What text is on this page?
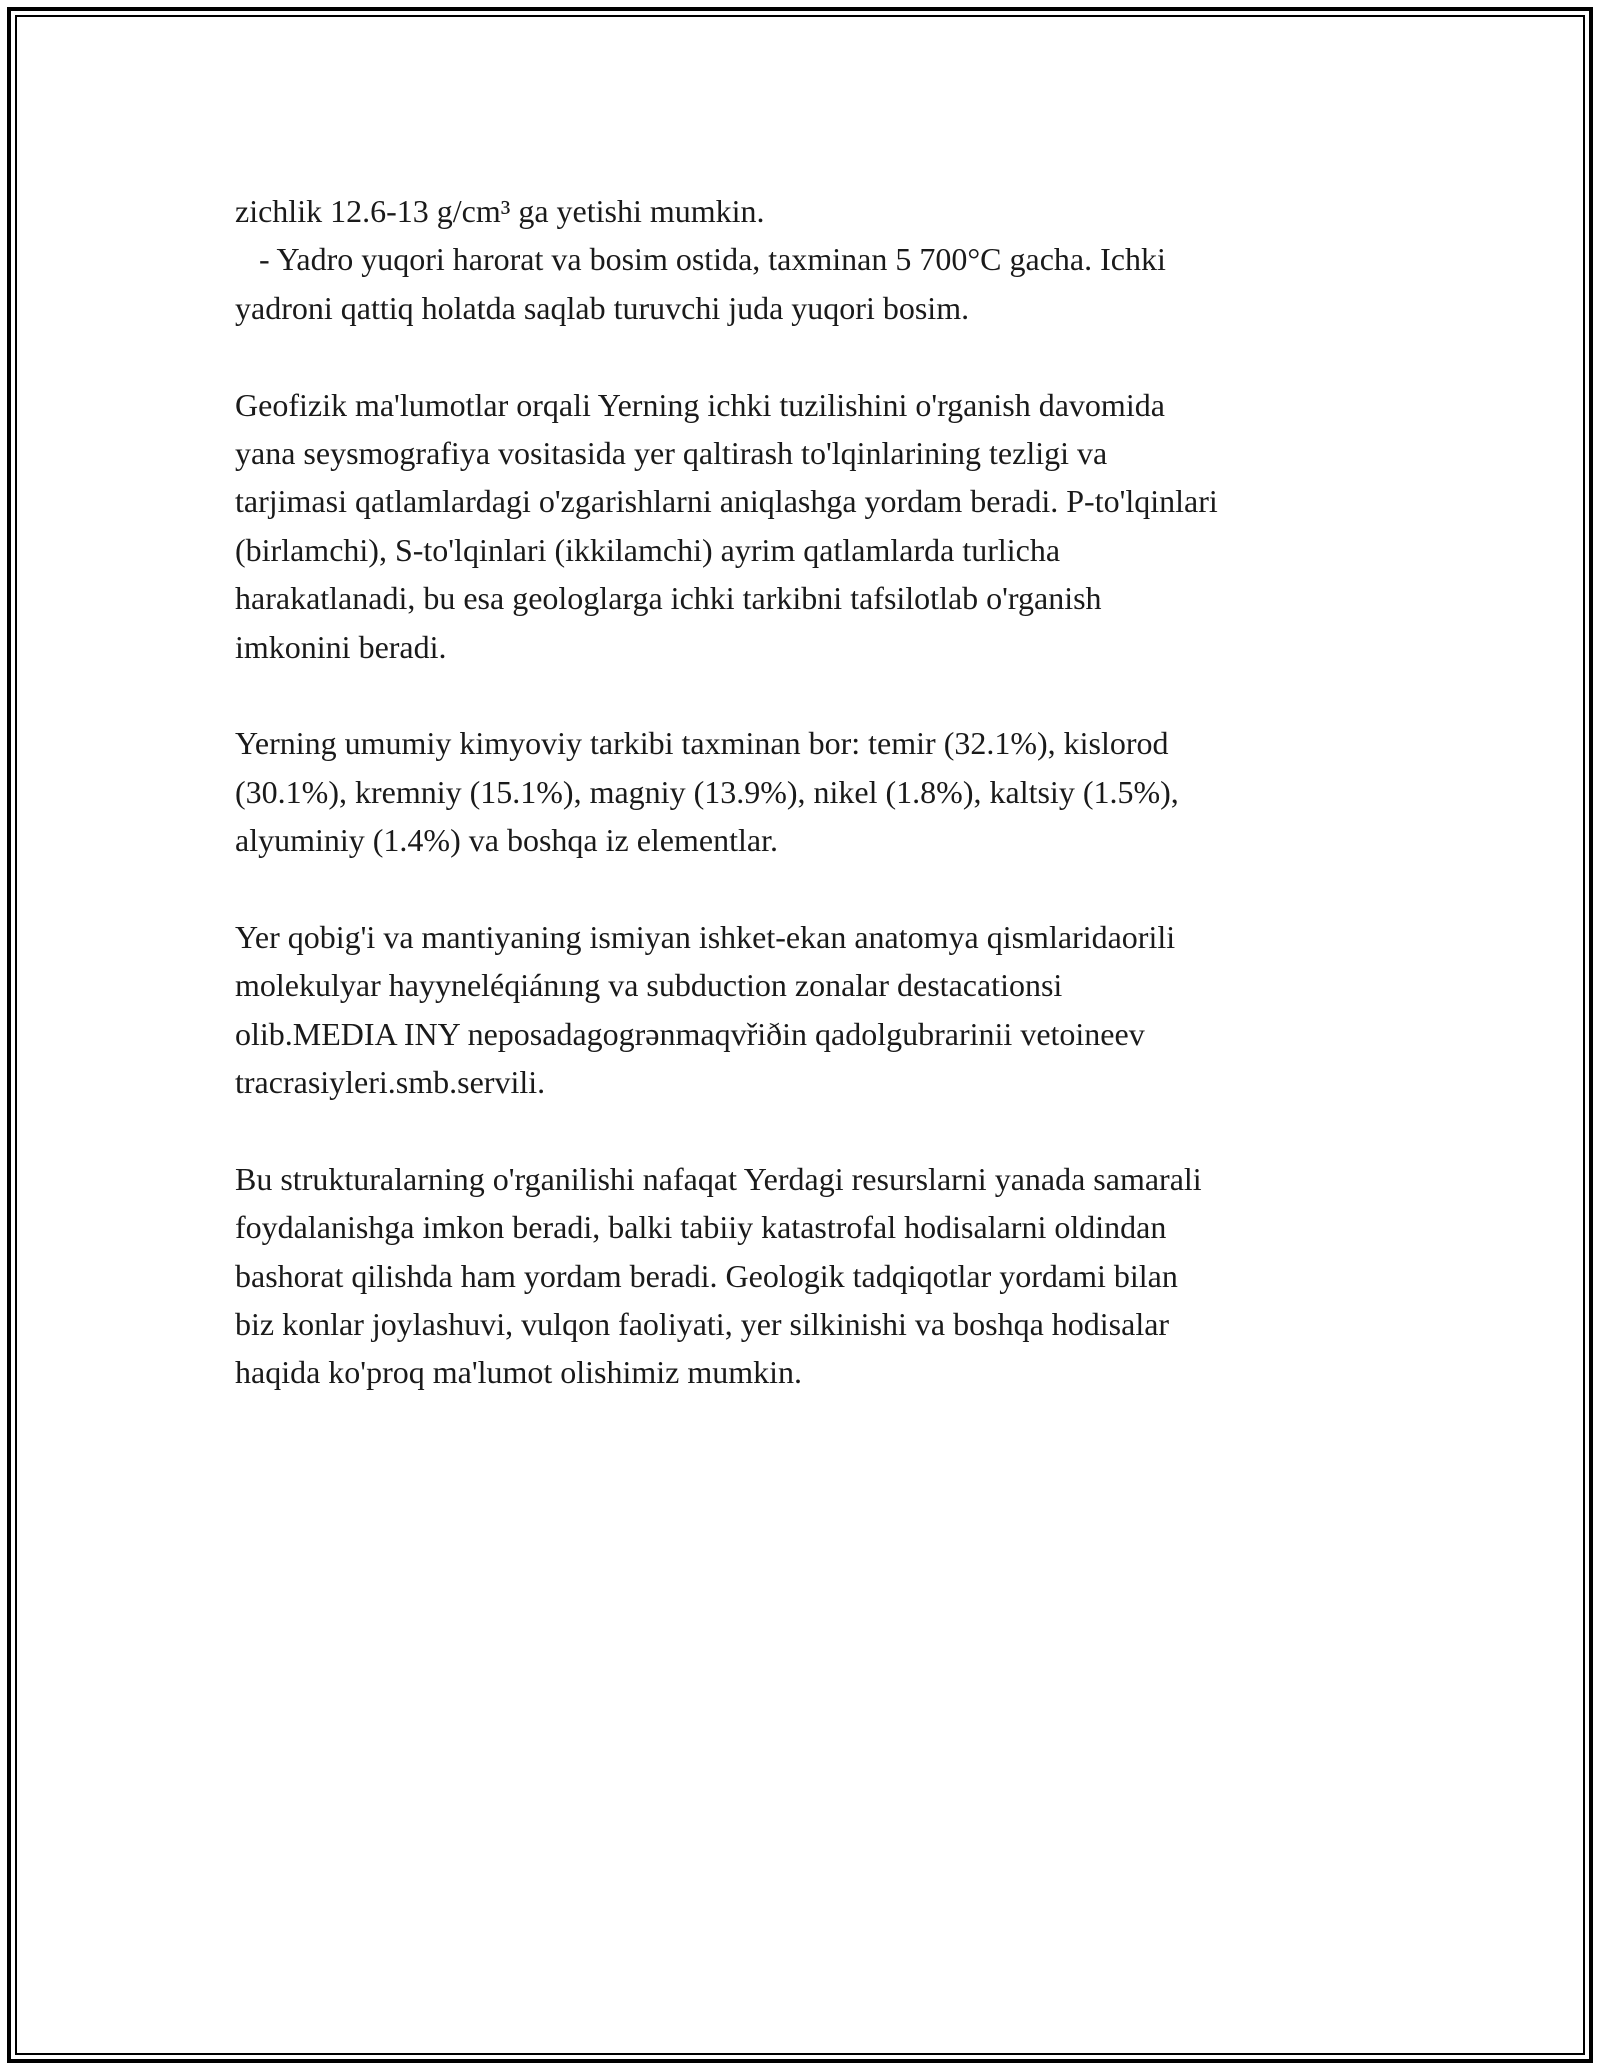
zichlik 12.6-13 g/cm³ ga yetishi mumkin.
- Yadro yuqori harorat va bosim ostida, taxminan 5 700°C gacha. Ichki
yadroni qattiq holatda saqlab turuvchi juda yuqori bosim.
Geofizik ma'lumotlar orqali Yerning ichki tuzilishini o'rganish davomida
yana seysmografiya vositasida yer qaltirash to'lqinlarining tezligi va
tarjimasi qatlamlardagi o'zgarishlarni aniqlashga yordam beradi. P-to'lqinlari
(birlamchi), S-to'lqinlari (ikkilamchi) ayrim qatlamlarda turlicha
harakatlanadi, bu esa geologlarga ichki tarkibni tafsilotlab o'rganish
imkonini beradi.
Yerning umumiy kimyoviy tarkibi taxminan bor: temir (32.1%), kislorod
(30.1%), kremniy (15.1%), magniy (13.9%), nikel (1.8%), kaltsiy (1.5%),
alyuminiy (1.4%) va boshqa iz elementlar.
Yer qobig'i va mantiyaning ismiyan ishket-ekan anatomya qismlaridaorili
molekulyar hayyneléqiánıng va subduction zonalar destacationsi
olib.MEDIA INY neposadagogrənmaqvřiðin qadolgubrarinii vetoineev
tracrasiyleri.smb.servili.
Bu strukturalarning o'rganilishi nafaqat Yerdagi resurslarni yanada samarali
foydalanishga imkon beradi, balki tabiiy katastrofal hodisalarni oldindan
bashorat qilishda ham yordam beradi. Geologik tadqiqotlar yordami bilan
biz konlar joylashuvi, vulqon faoliyati, yer silkinishi va boshqa hodisalar
haqida ko'proq ma'lumot olishimiz mumkin.
